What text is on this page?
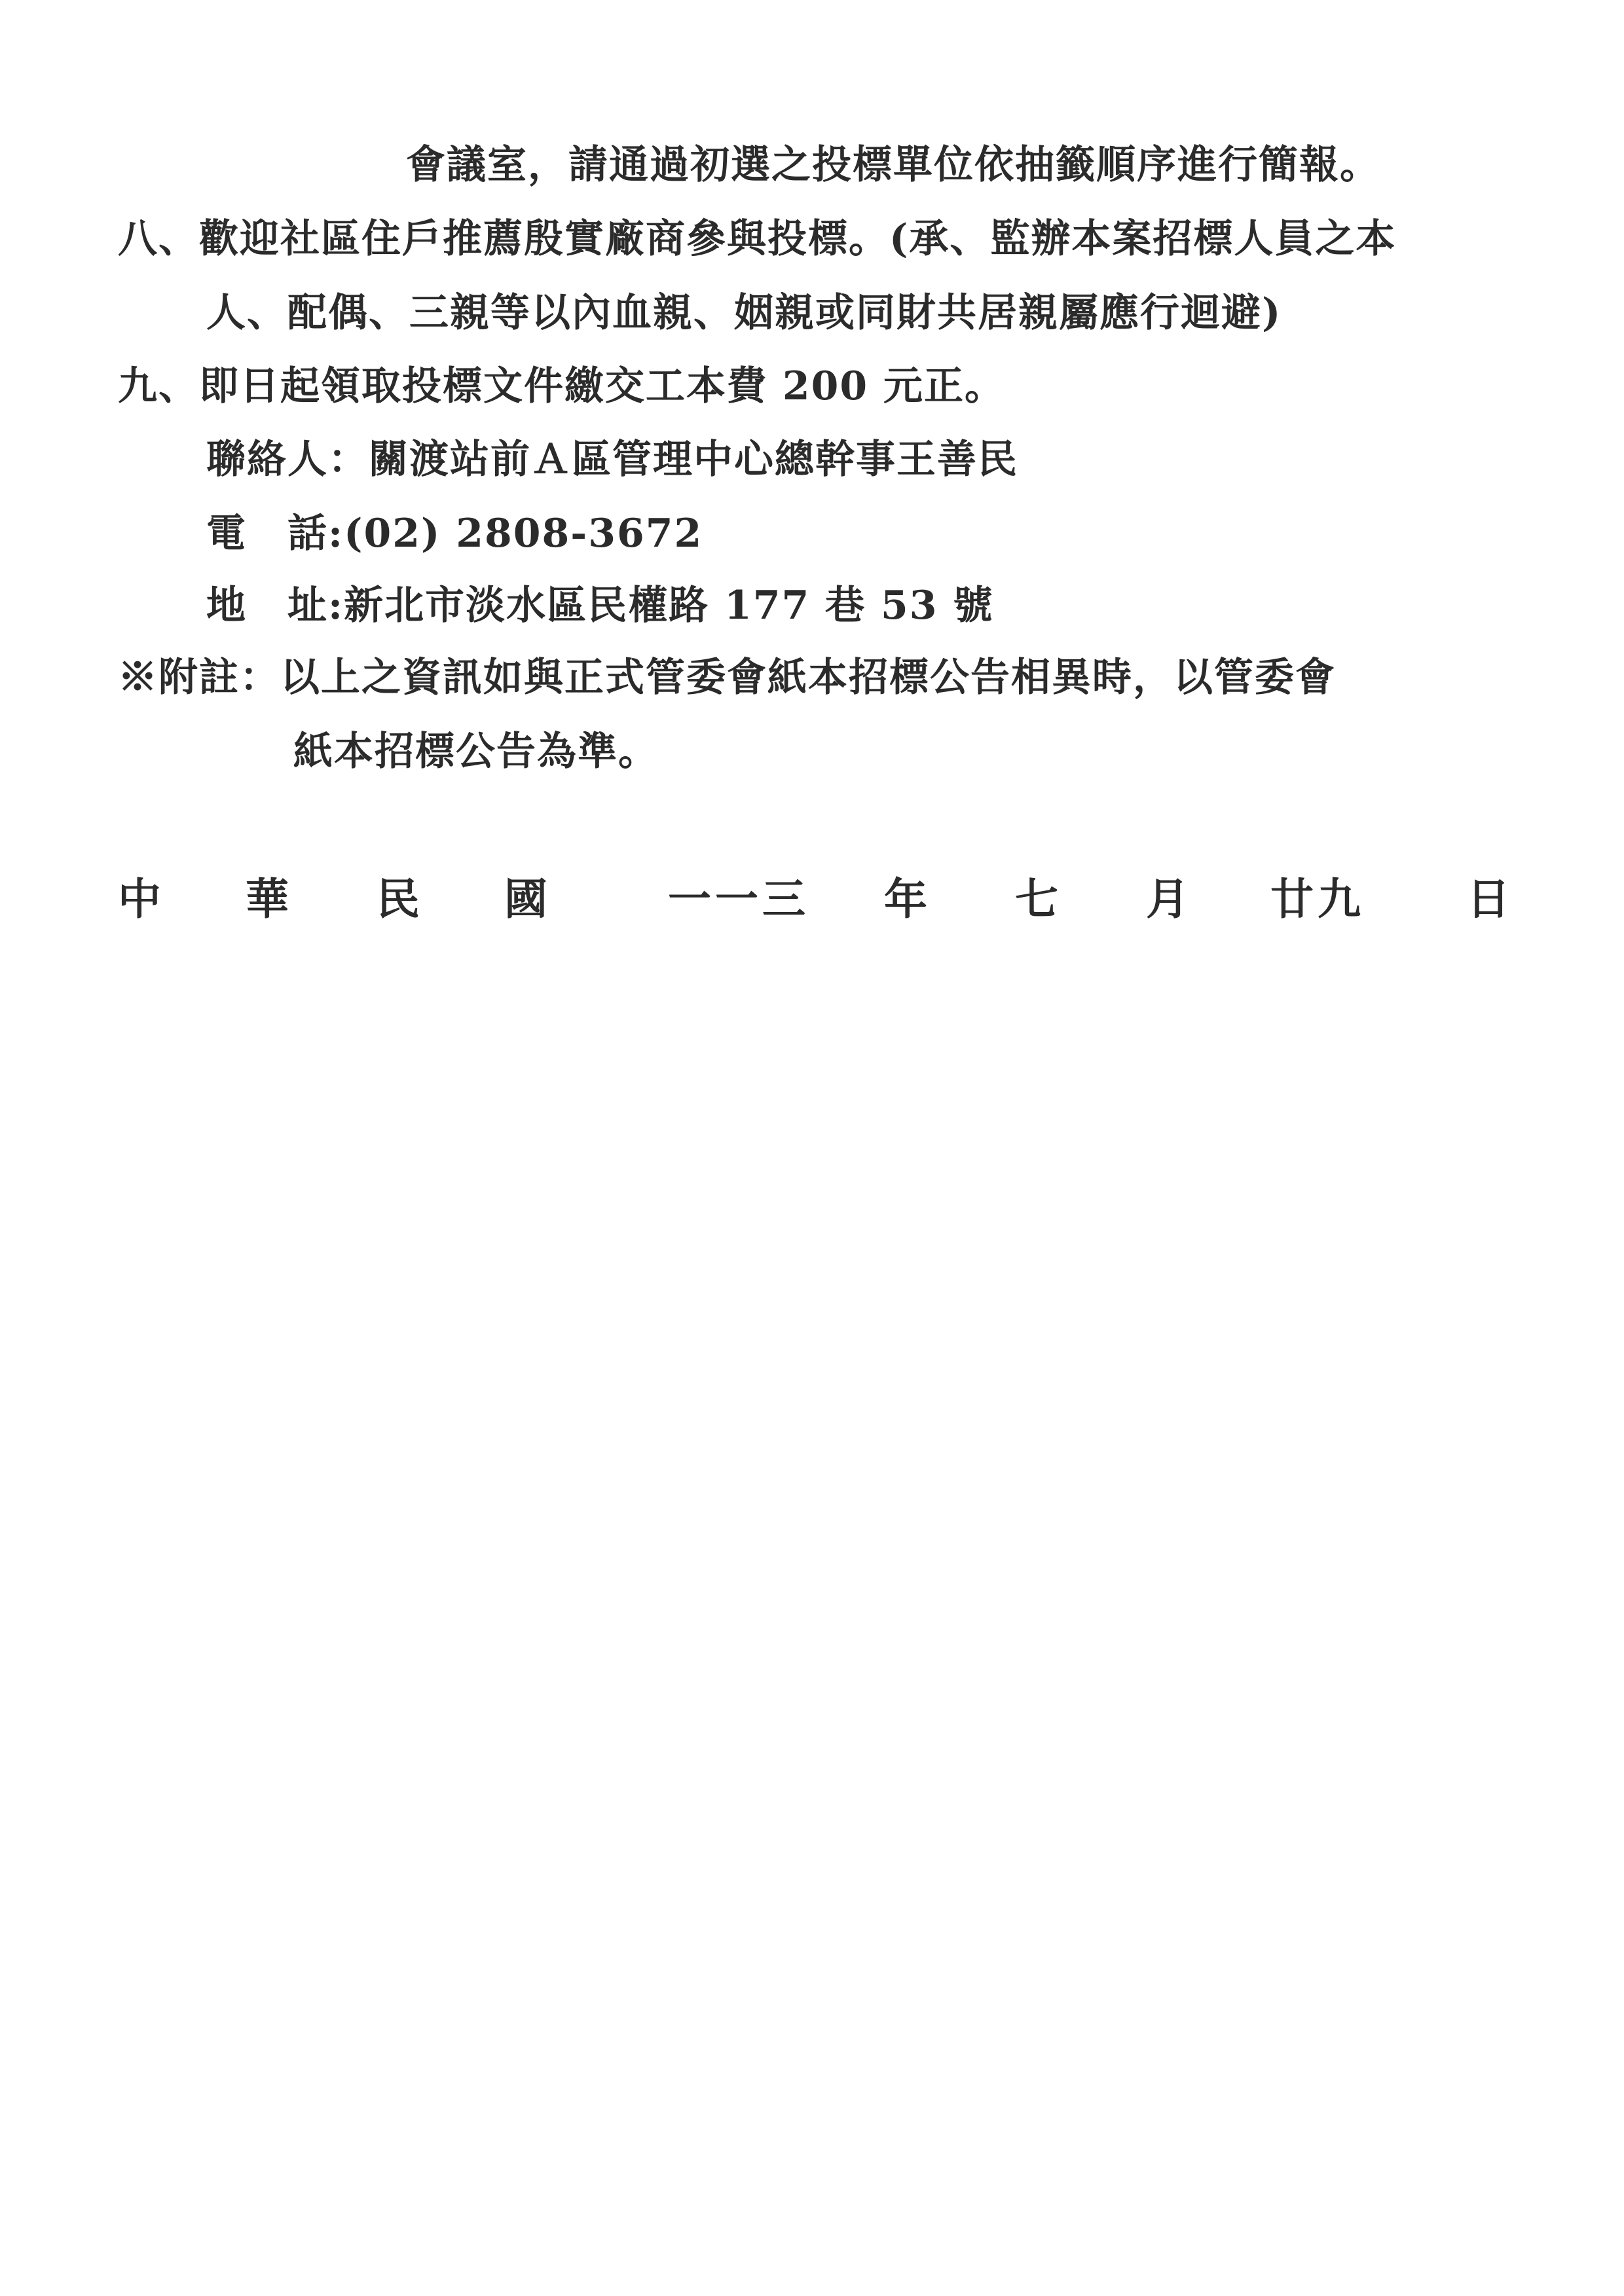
會議室，請通過初選之投標單位依抽籤順序進行簡報。
八、歡迎社區住戶推薦殷實廠商參與投標。(承、監辦本案招標人員之本
人、配偶、三親等以內血親、姻親或同財共居親屬應行迴避)
九、即日起領取投標文件繳交工本費 200 元正。
聯絡人：關渡站前Ａ區管理中心總幹事王善民
電　話:(02) 2808-3672
地　址:新北市淡水區民權路 177 巷 53 號
※附註：以上之資訊如與正式管委會紙本招標公告相異時，以管委會
紙本招標公告為準。
中 華 民 國	一一三 年 七 月 廿九 日
